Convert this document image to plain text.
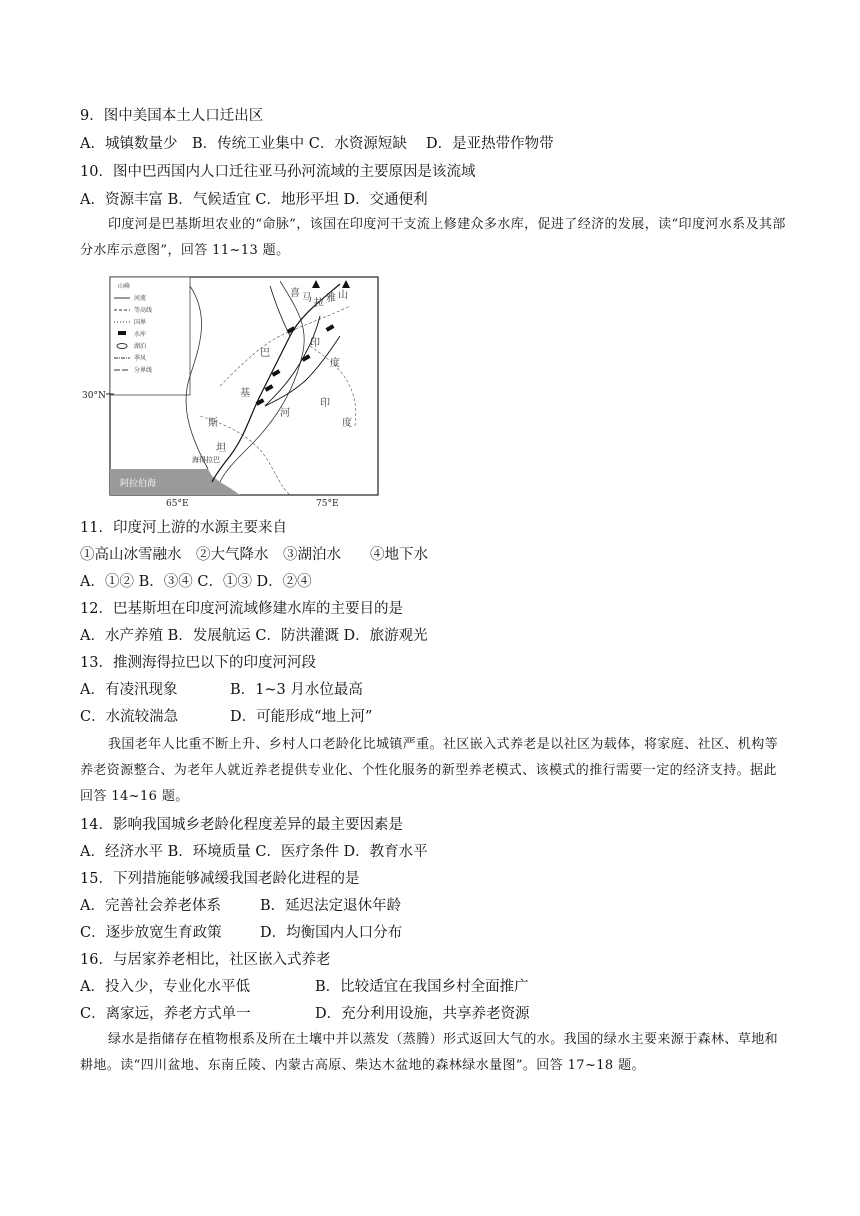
9．图中美国本土人口迁出区
A．城镇数量少　B．传统工业集中 C．水资源短缺　 D．是亚热带作物带
10．图中巴西国内人口迁往亚马孙河流域的主要原因是该流域
A．资源丰富 B．气候适宜 C．地形平坦 D．交通便利
印度河是巴基斯坦农业的“命脉”，该国在印度河干支流上修建众多水库，促进了经济的发展，读“印度河水系及其部分水库示意图”，回答 11~13 题。
山峰
河流
等高线
国界
水库
湖泊
季风
分界线
30°N
65°E	75°E
阿拉伯海
海得拉巴
巴
基
斯
坦
印
度
河
印
度
喜 马 拉 雅 山
11．印度河上游的水源主要来自
①高山冰雪融水　②大气降水　③湖泊水　　④地下水
A．①② B．③④ C．①③ D．②④
12．巴基斯坦在印度河流域修建水库的主要目的是
A．水产养殖 B．发展航运 C．防洪灌溉 D．旅游观光
13．推测海得拉巴以下的印度河河段
A．有凌汛现象	B．1~3 月水位最高
C．水流较湍急	D．可能形成“地上河”
我国老年人比重不断上升、乡村人口老龄化比城镇严重。社区嵌入式养老是以社区为载体，将家庭、社区、机构等养老资源整合、为老年人就近养老提供专业化、个性化服务的新型养老模式、该模式的推行需要一定的经济支持。据此回答 14~16 题。
14．影响我国城乡老龄化程度差异的最主要因素是
A．经济水平 B．环境质量 C．医疗条件 D．教育水平
15．下列措施能够减缓我国老龄化进程的是
A．完善社会养老体系	B．延迟法定退休年龄
C．逐步放宽生育政策	D．均衡国内人口分布
16．与居家养老相比，社区嵌入式养老
A．投入少，专业化水平低	B．比较适宜在我国乡村全面推广
C．离家远，养老方式单一	D．充分利用设施，共享养老资源
绿水是指储存在植物根系及所在土壤中并以蒸发（蒸腾）形式返回大气的水。我国的绿水主要来源于森林、草地和耕地。读“四川盆地、东南丘陵、内蒙古高原、柴达木盆地的森林绿水量图”。回答 17~18 题。
